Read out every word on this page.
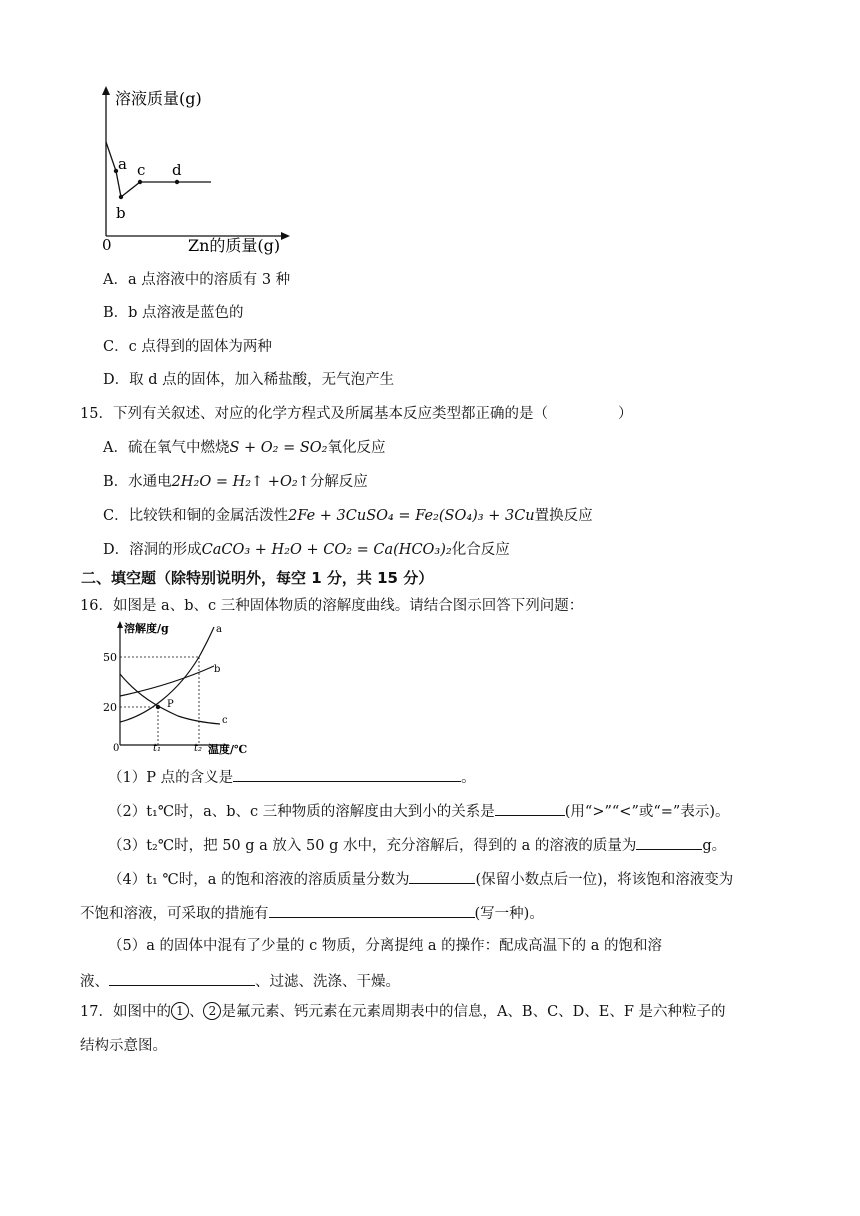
溶液质量(g)
a c d
b
0	Zn的质量(g)
A．a 点溶液中的溶质有 3 种
B．b 点溶液是蓝色的
C．c 点得到的固体为两种
D．取 d 点的固体，加入稀盐酸，无气泡产生
15．下列有关叙述、对应的化学方程式及所属基本反应类型都正确的是（	）
A．硫在氧气中燃烧S + O₂ = SO₂氧化反应
B．水通电2H₂O = H₂↑ +O₂↑分解反应
C．比较铁和铜的金属活泼性2Fe + 3CuSO₄ = Fe₂(SO₄)₃ + 3Cu置换反应
D．溶洞的形成CaCO₃ + H₂O + CO₂ = Ca(HCO₃)₂化合反应
二、填空题（除特别说明外，每空 1 分，共 15 分）
16．如图是 a、b、c 三种固体物质的溶解度曲线。请结合图示回答下列问题：
溶解度/g	a
b
c
P
50
20
0	t₁	t₂ 温度/℃
（1）P 点的含义是	。
（2）t₁℃时，a、b、c 三种物质的溶解度由大到小的关系是	(用“>”“<”或“=”表示)。
（3）t₂℃时，把 50 g a 放入 50 g 水中，充分溶解后，得到的 a 的溶液的质量为	g。
（4）t₁ ℃时，a 的饱和溶液的溶质质量分数为	(保留小数点后一位)，将该饱和溶液变为
不饱和溶液，可采取的措施有	(写一种)。
（5）a 的固体中混有了少量的 c 物质，分离提纯 a 的操作：配成高温下的 a 的饱和溶
液、	、过滤、洗涤、干燥。
17．如图中的 1 、 2 是氟元素、钙元素在元素周期表中的信息，A、B、C、D、E、F 是六种粒子的
结构示意图。
